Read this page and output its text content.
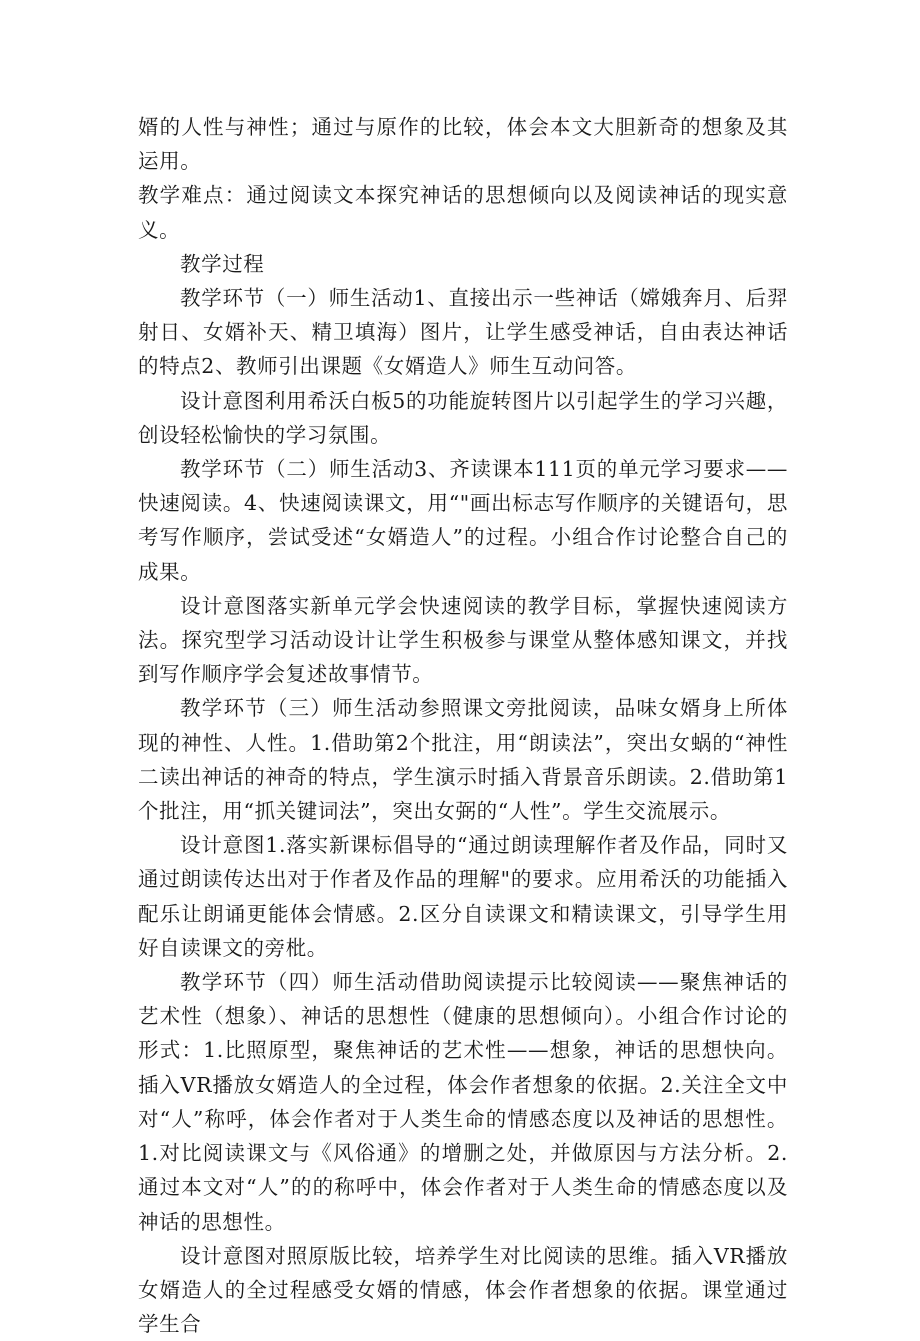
婿的人性与神性；通过与原作的比较，体会本文大胆新奇的想象及其运用。

教学难点：通过阅读文本探究神话的思想倾向以及阅读神话的现实意义。

教学过程

教学环节（一）师生活动1、直接出示一些神话（嫦娥奔月、后羿射日、女婿补天、精卫填海）图片，让学生感受神话，自由表达神话的特点2、教师引出课题《女婿造人》师生互动问答。

设计意图利用希沃白板5的功能旋转图片以引起学生的学习兴趣，创设轻松愉快的学习氛围。

教学环节（二）师生活动3、齐读课本111页的单元学习要求——快速阅读。4、快速阅读课文，用“"画出标志写作顺序的关键语句，思考写作顺序，尝试受述“女婿造人”的过程。小组合作讨论整合自己的成果。

设计意图落实新单元学会快速阅读的教学目标，掌握快速阅读方法。探究型学习活动设计让学生积极参与课堂从整体感知课文，并找到写作顺序学会复述故事情节。

教学环节（三）师生活动参照课文旁批阅读，品味女婿身上所体现的神性、人性。1.借助第2个批注，用“朗读法”，突出女蜗的“神性二读出神话的神奇的特点，学生演示时插入背景音乐朗读。2.借助第1个批注，用“抓关键词法”，突出女弼的“人性”。学生交流展示。

设计意图1.落实新课标倡导的“通过朗读理解作者及作品，同时又通过朗读传达出对于作者及作品的理解"的要求。应用希沃的功能插入配乐让朗诵更能体会情感。2.区分自读课文和精读课文，引导学生用好自读课文的旁枇。

教学环节（四）师生活动借助阅读提示比较阅读——聚焦神话的艺术性（想象）、神话的思想性（健康的思想倾向）。小组合作讨论的形式：1.比照原型，聚焦神话的艺术性——想象，神话的思想快向。插入VR播放女婿造人的全过程，体会作者想象的依据。2.关注全文中对“人”称呼，体会作者对于人类生命的情感态度以及神话的思想性。1.对比阅读课文与《风俗通》的增删之处，并做原因与方法分析。2.通过本文对“人”的的称呼中，体会作者对于人类生命的情感态度以及神话的思想性。

设计意图对照原版比较，培养学生对比阅读的思维。插入VR播放女婿造人的全过程感受女婿的情感，体会作者想象的依据。课堂通过学生合
